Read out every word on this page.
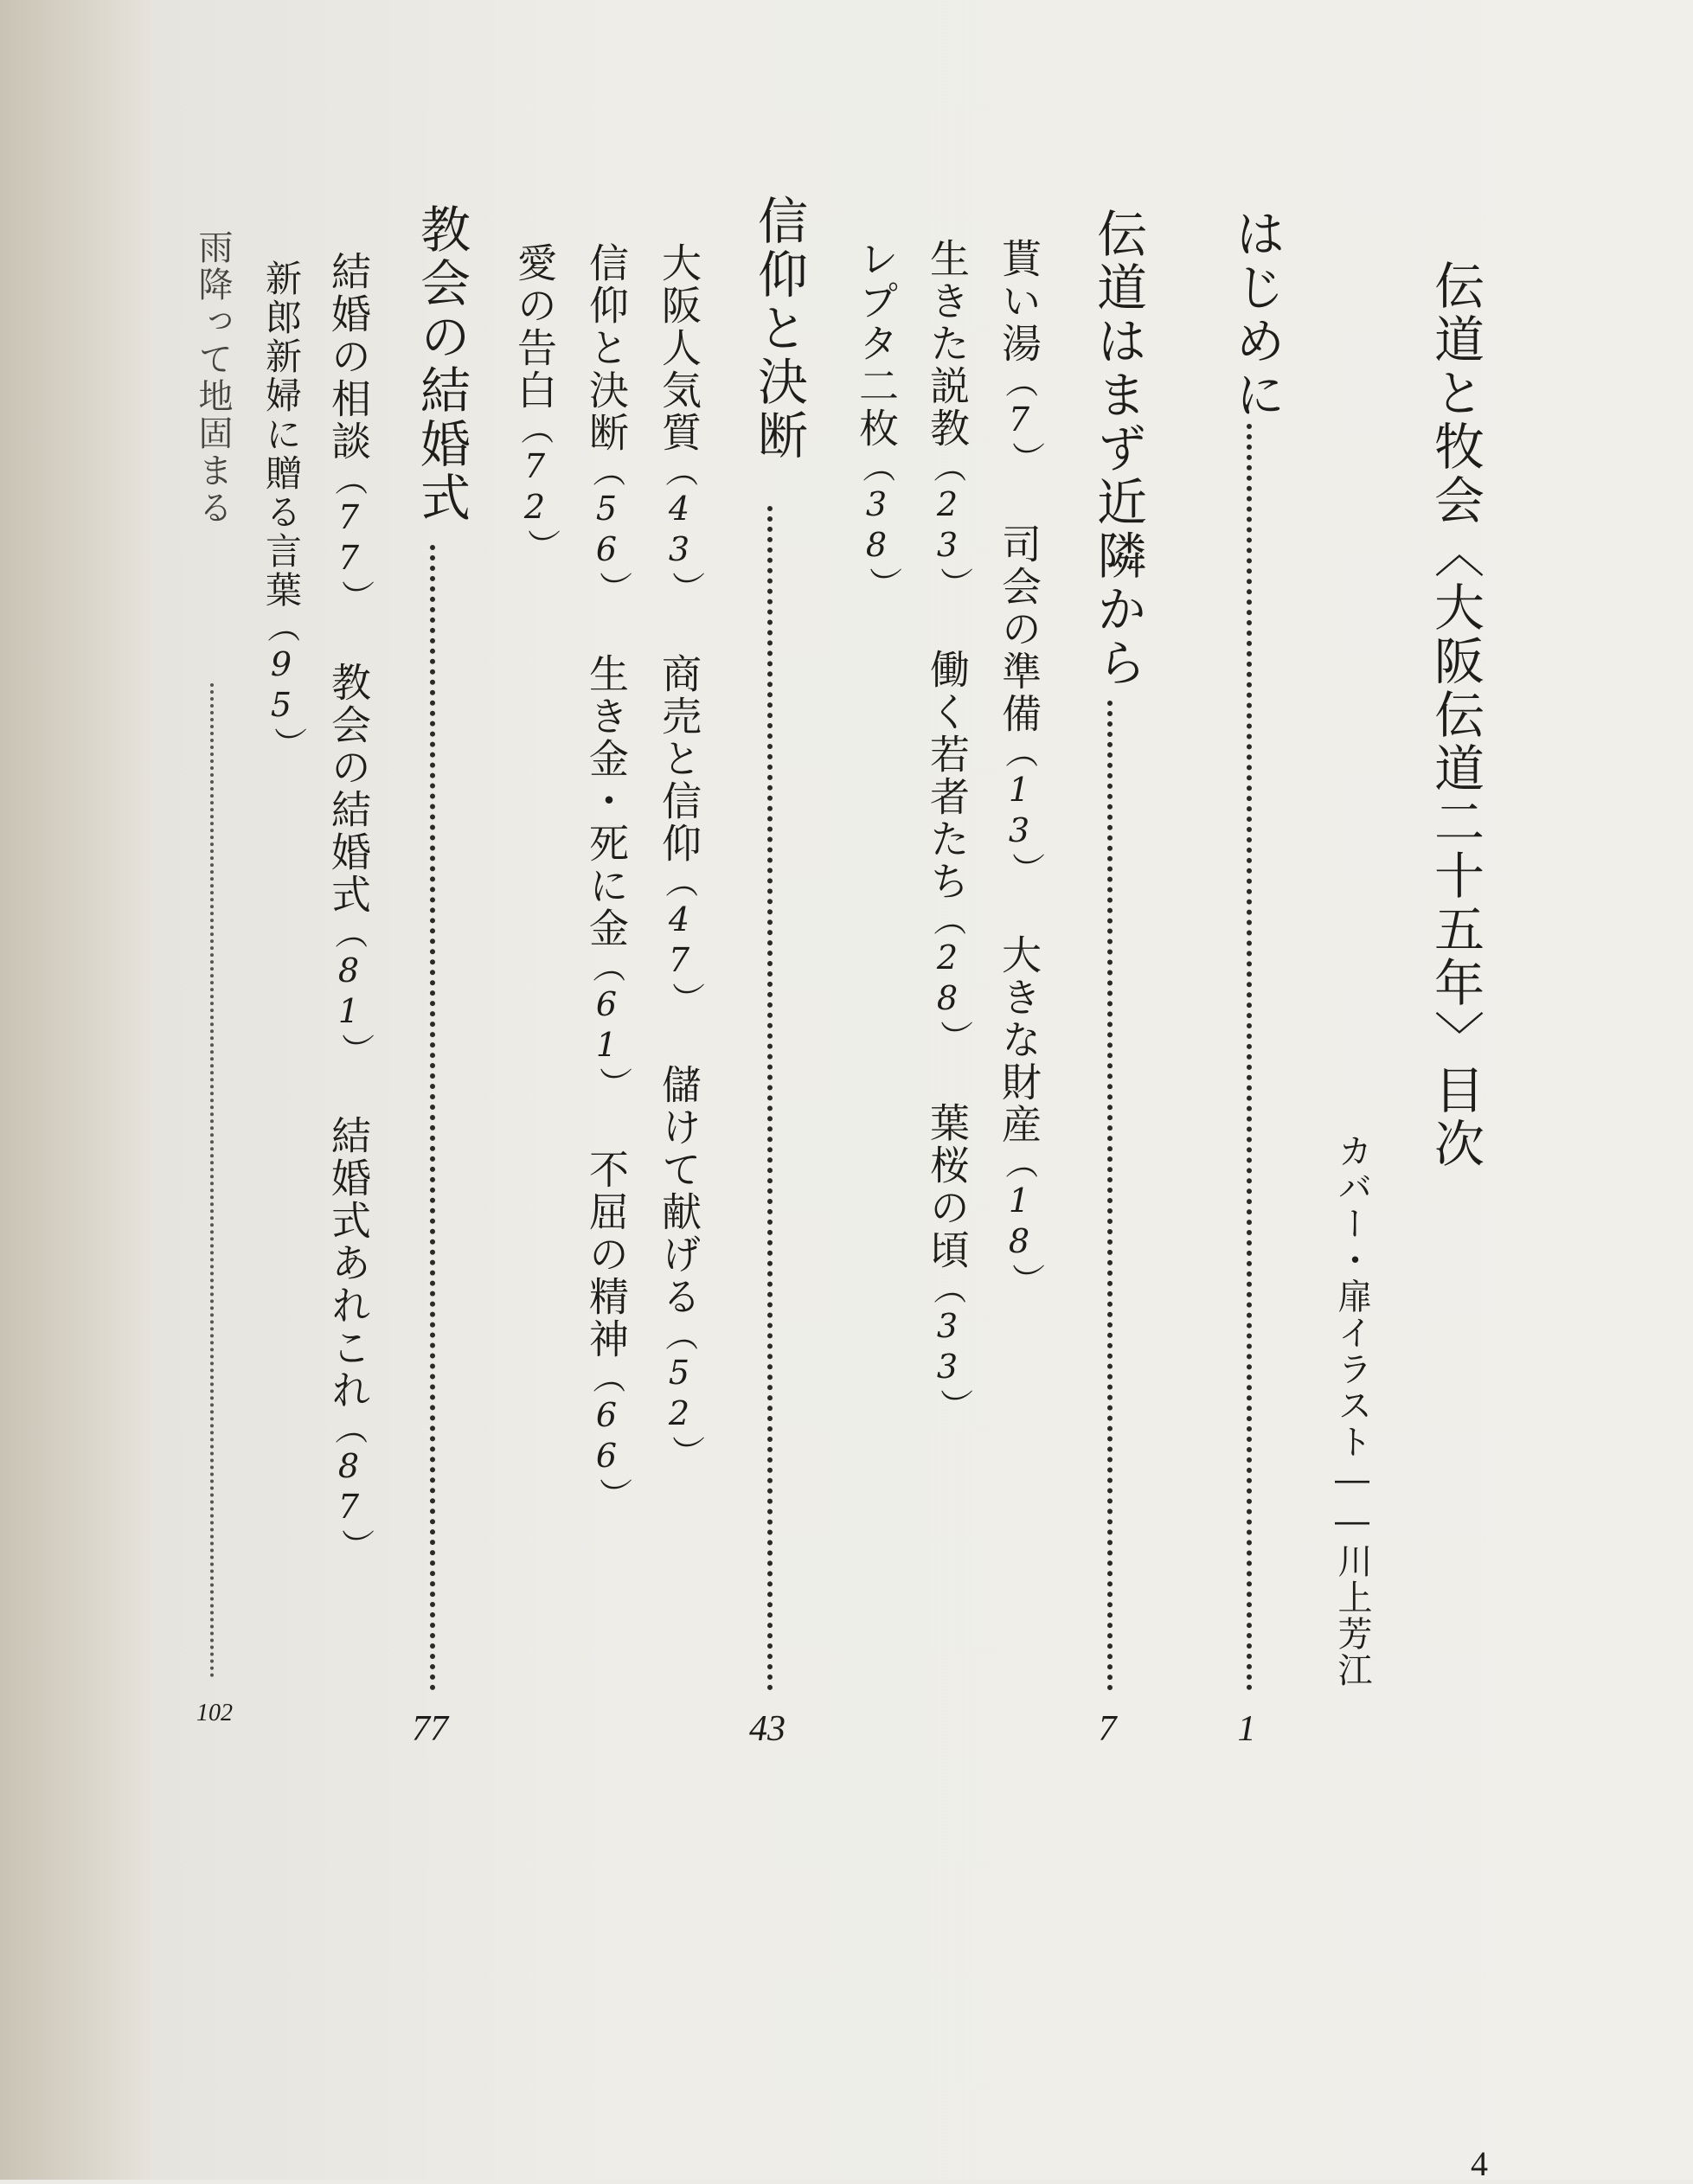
伝道と牧会〈大阪伝道二十五年〉目次
カバー・扉イラスト――川上芳江
はじめに
1
伝道はまず近隣から
7
貰い湯（7）司会の準備（13）大きな財産（18）
生きた説教（23）働く若者たち（28）葉桜の頃（33）
レプタ二枚（38）
信仰と決断
43
大阪人気質（43）商売と信仰（47）儲けて献げる（52）
信仰と決断（56）生き金・死に金（61）不屈の精神（66）
愛の告白（72）
教会の結婚式
77
結婚の相談（77）教会の結婚式（81）結婚式あれこれ（87）
新郎新婦に贈る言葉（95）
雨降って地固まる
102
4
